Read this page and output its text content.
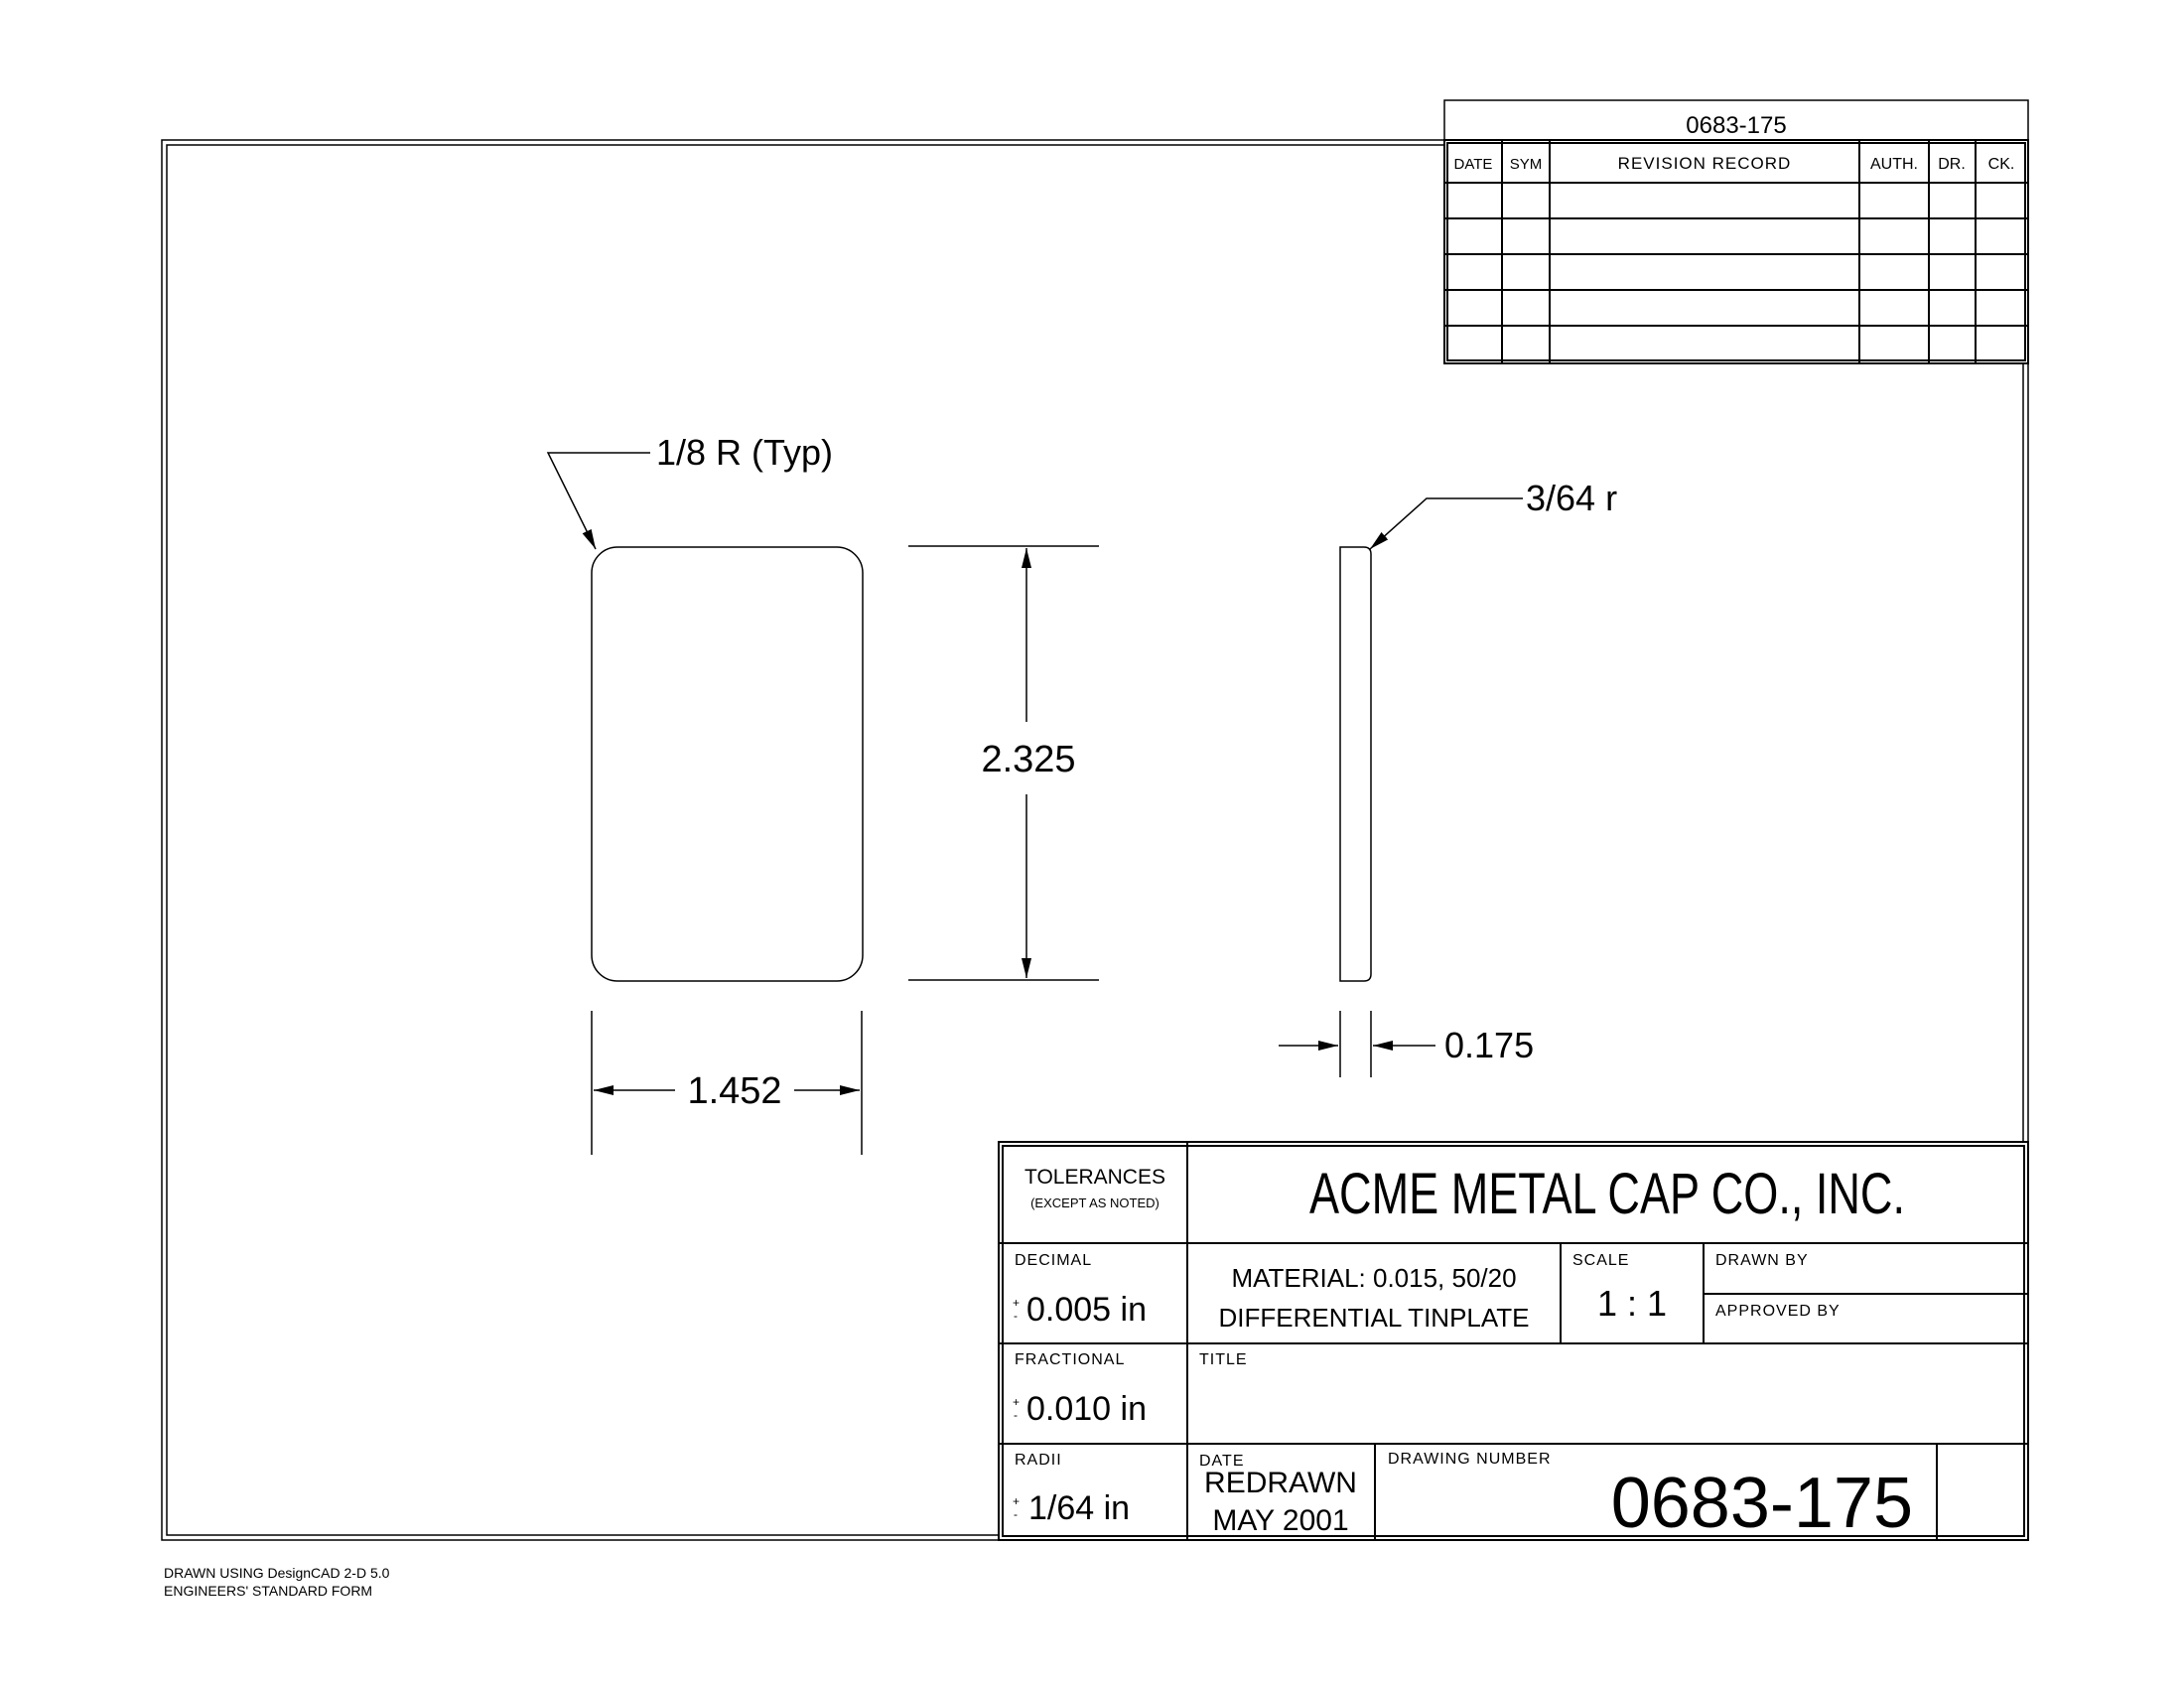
0683-175
DATE SYM	REVISION RECORD	AUTH. DR. CK.
1/8 R (Typ)
2.325
1.452
3/64 r
0.175
TOLERANCES
(EXCEPT AS NOTED)	ACME METAL CAP CO., INC.
DECIMAL
+
- 0.005 in
MATERIAL: 0.015, 50/20
DIFFERENTIAL TINPLATE
SCALE
1 : 1
DRAWN BY
APPROVED BY
FRACTIONAL
+
- 0.010 in
TITLE
RADII
+
- 1/64 in
DATE
REDRAWN
MAY 2001
DRAWING NUMBER
0683-175
DRAWN USING DesignCAD 2-D 5.0
ENGINEERS' STANDARD FORM
